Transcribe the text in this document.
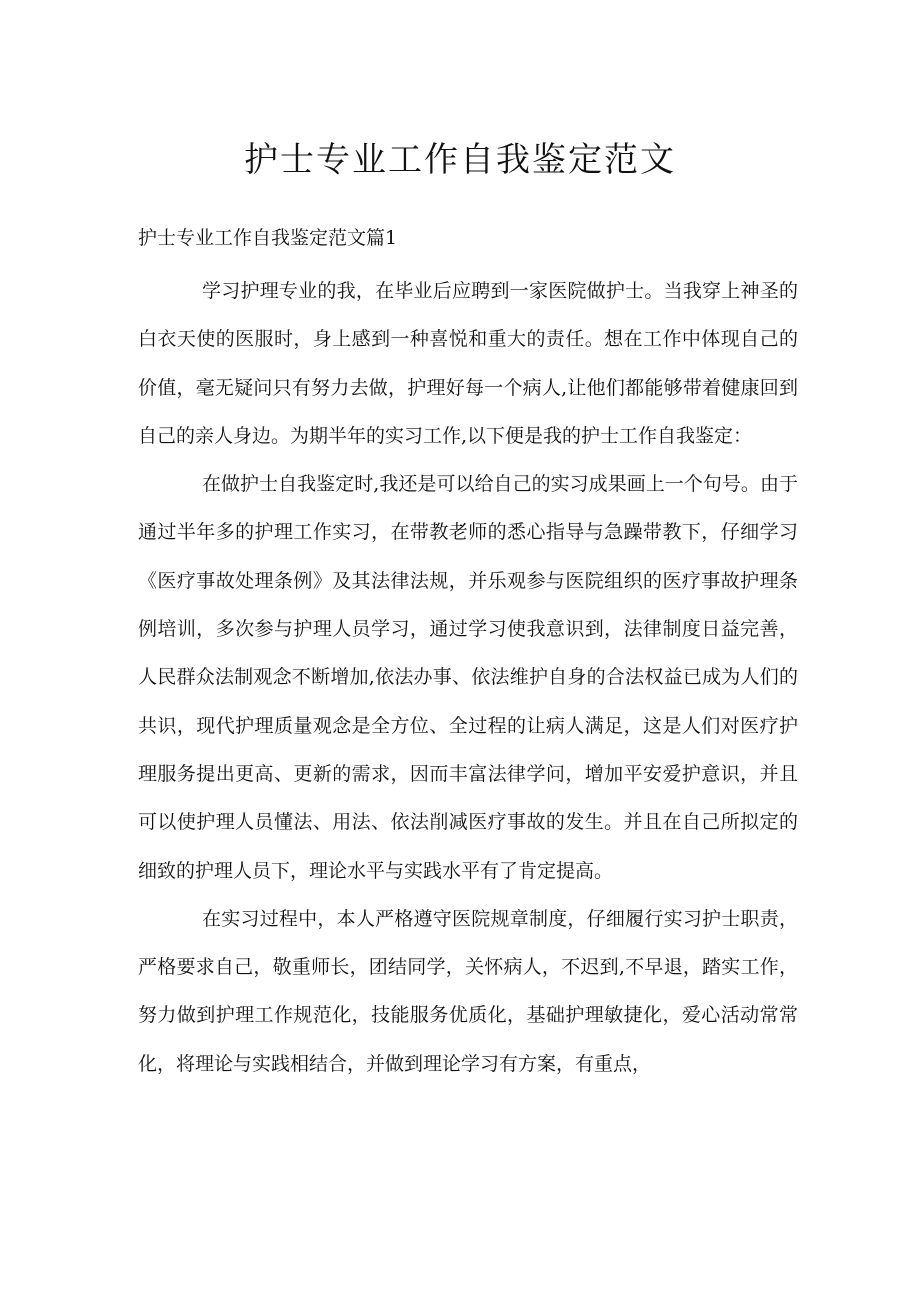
护士专业工作自我鉴定范文

护士专业工作自我鉴定范文篇1

学习护理专业的我，在毕业后应聘到一家医院做护士。当我穿上神圣的白衣天使的医服时，身上感到一种喜悦和重大的责任。想在工作中体现自己的价值，毫无疑问只有努力去做，护理好每一个病人,让他们都能够带着健康回到自己的亲人身边。为期半年的实习工作,以下便是我的护士工作自我鉴定：

在做护士自我鉴定时,我还是可以给自己的实习成果画上一个句号。由于通过半年多的护理工作实习，在带教老师的悉心指导与急躁带教下，仔细学习《医疗事故处理条例》及其法律法规，并乐观参与医院组织的医疗事故护理条例培训，多次参与护理人员学习，通过学习使我意识到，法律制度日益完善，人民群众法制观念不断增加,依法办事、依法维护自身的合法权益已成为人们的共识，现代护理质量观念是全方位、全过程的让病人满足，这是人们对医疗护理服务提出更高、更新的需求，因而丰富法律学问，增加平安爱护意识，并且可以使护理人员懂法、用法、依法削减医疗事故的发生。并且在自己所拟定的细致的护理人员下，理论水平与实践水平有了肯定提高。

在实习过程中，本人严格遵守医院规章制度，仔细履行实习护士职责，严格要求自己，敬重师长，团结同学，关怀病人，不迟到,不早退，踏实工作，努力做到护理工作规范化，技能服务优质化，基础护理敏捷化，爱心活动常常化，将理论与实践相结合，并做到理论学习有方案，有重点，
